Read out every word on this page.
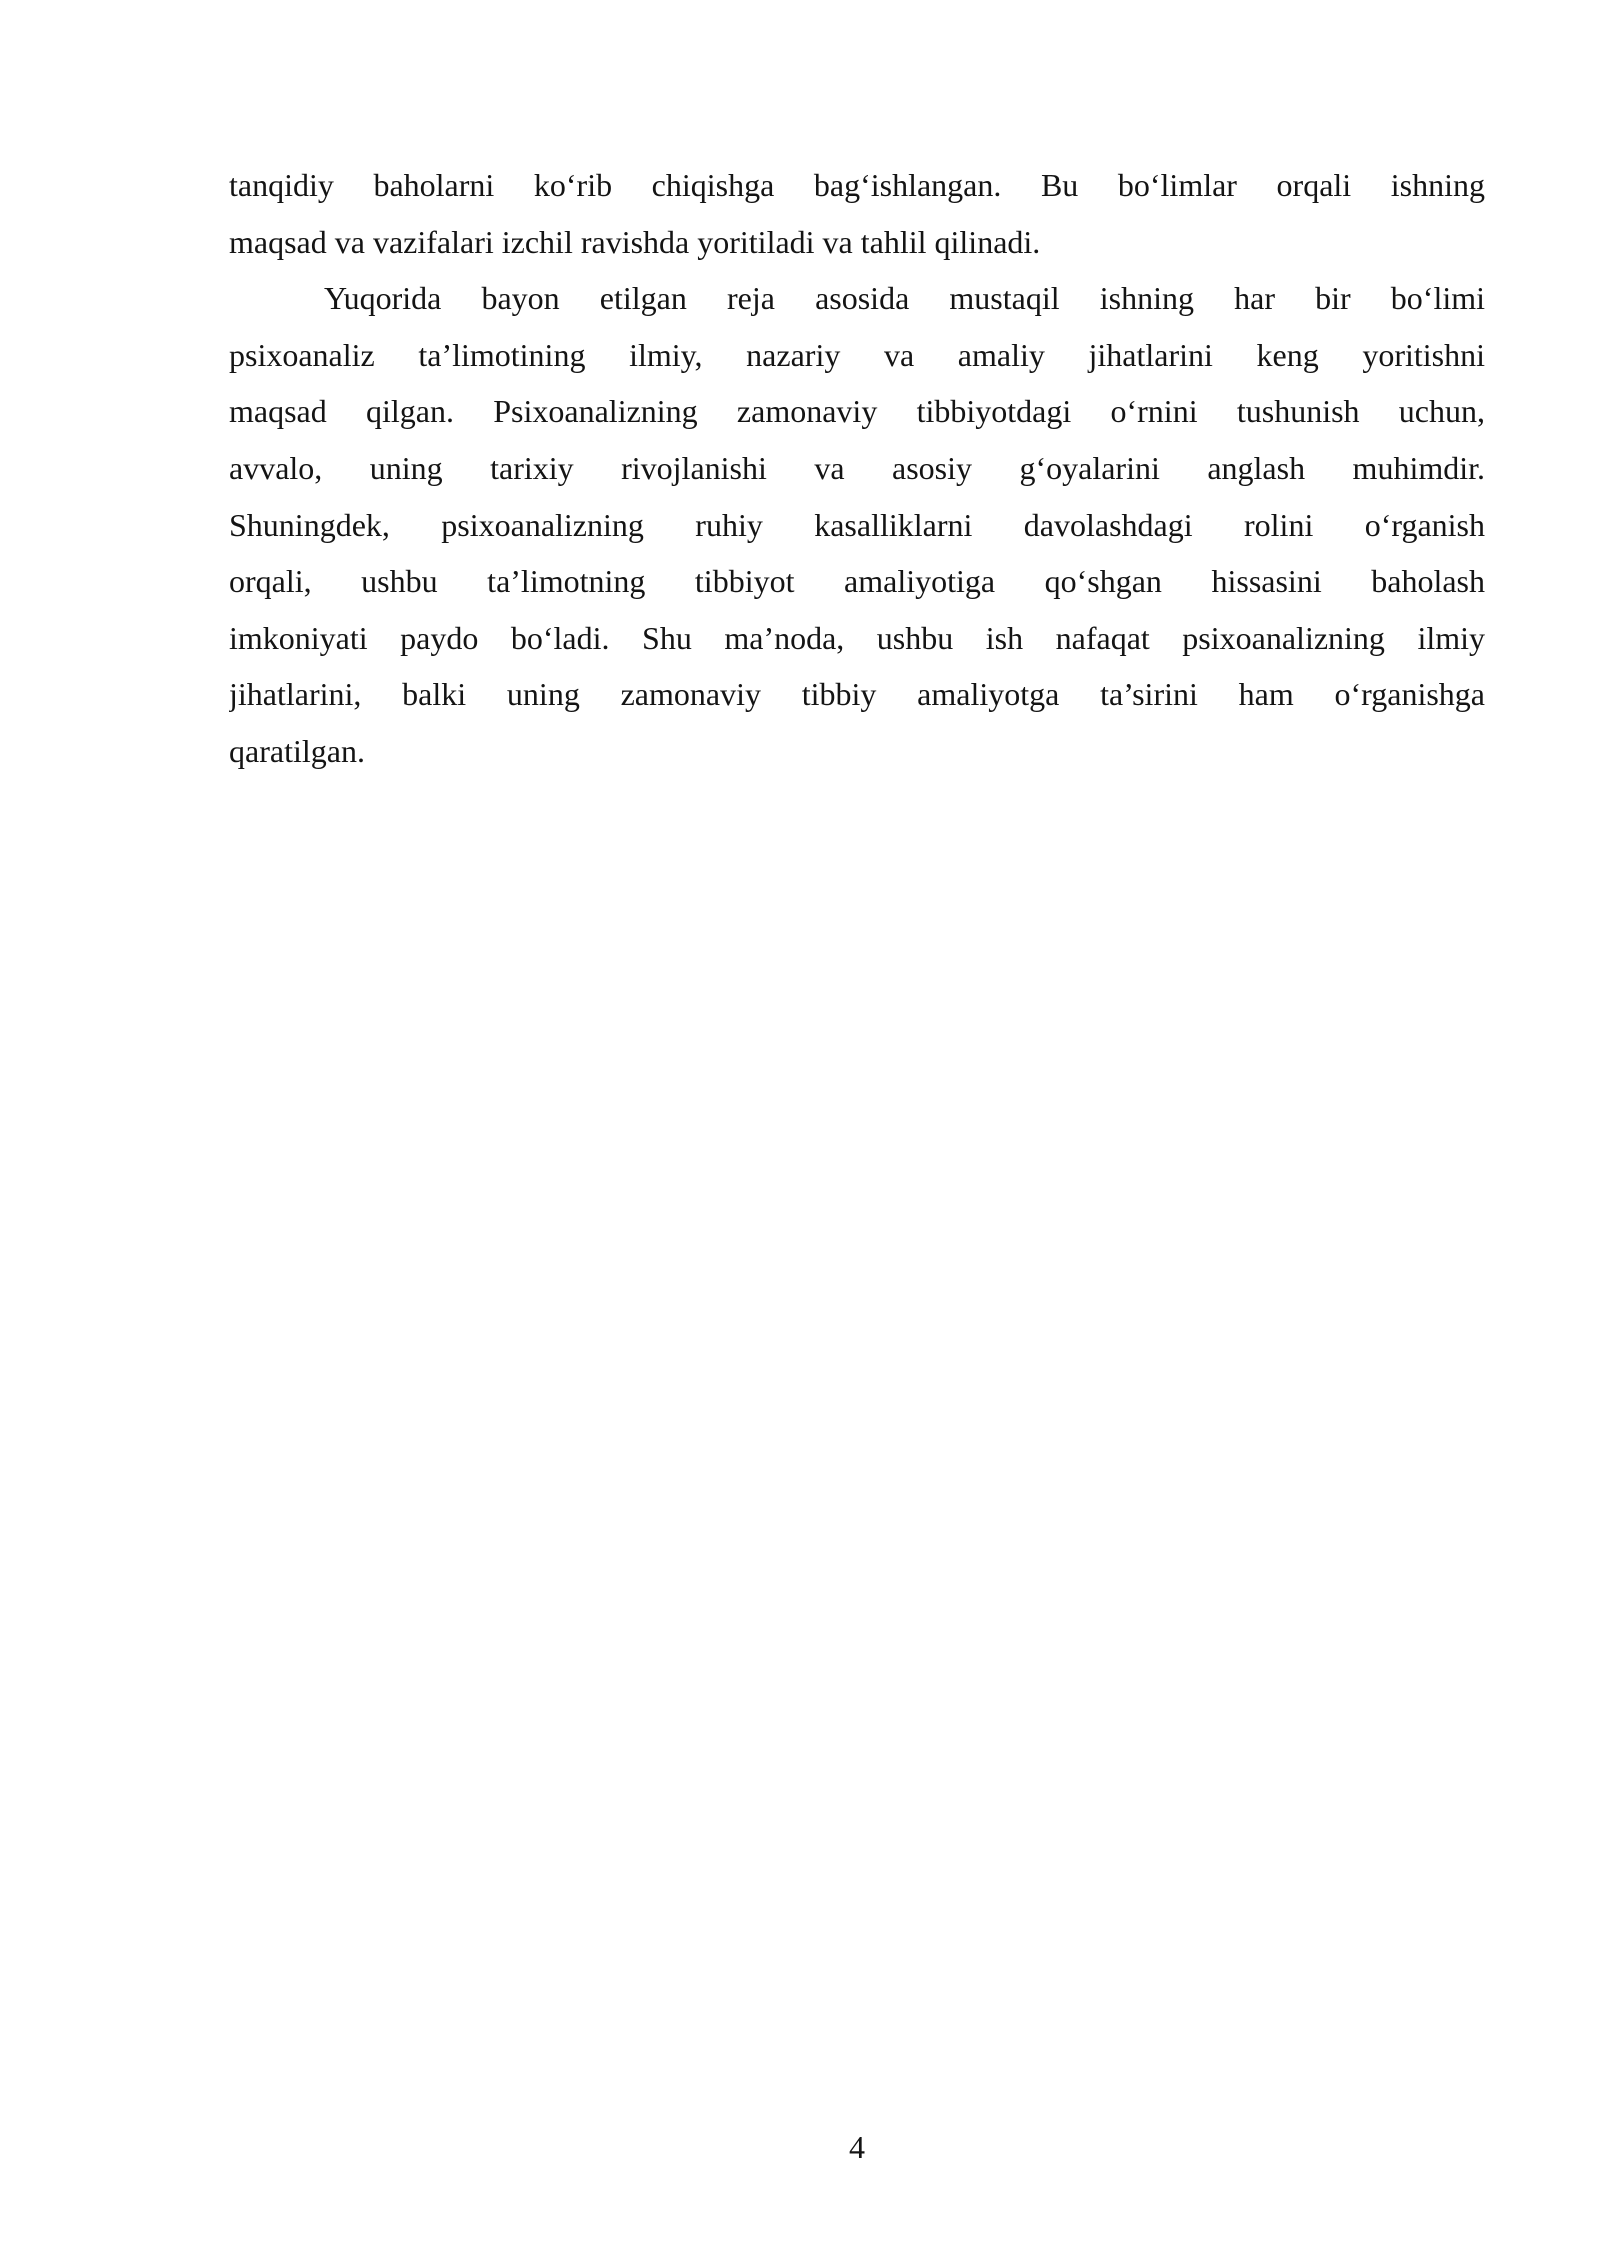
tanqidiy baholarni ko‘rib chiqishga bag‘ishlangan. Bu bo‘limlar orqali ishning
maqsad va vazifalari izchil ravishda yoritiladi va tahlil qilinadi.
Yuqorida bayon etilgan reja asosida mustaqil ishning har bir bo‘limi
psixoanaliz ta’limotining ilmiy, nazariy va amaliy jihatlarini keng yoritishni
maqsad qilgan. Psixoanalizning zamonaviy tibbiyotdagi o‘rnini tushunish uchun,
avvalo, uning tarixiy rivojlanishi va asosiy g‘oyalarini anglash muhimdir.
Shuningdek, psixoanalizning ruhiy kasalliklarni davolashdagi rolini o‘rganish
orqali, ushbu ta’limotning tibbiyot amaliyotiga qo‘shgan hissasini baholash
imkoniyati paydo bo‘ladi. Shu ma’noda, ushbu ish nafaqat psixoanalizning ilmiy
jihatlarini, balki uning zamonaviy tibbiy amaliyotga ta’sirini ham o‘rganishga
qaratilgan.
4
